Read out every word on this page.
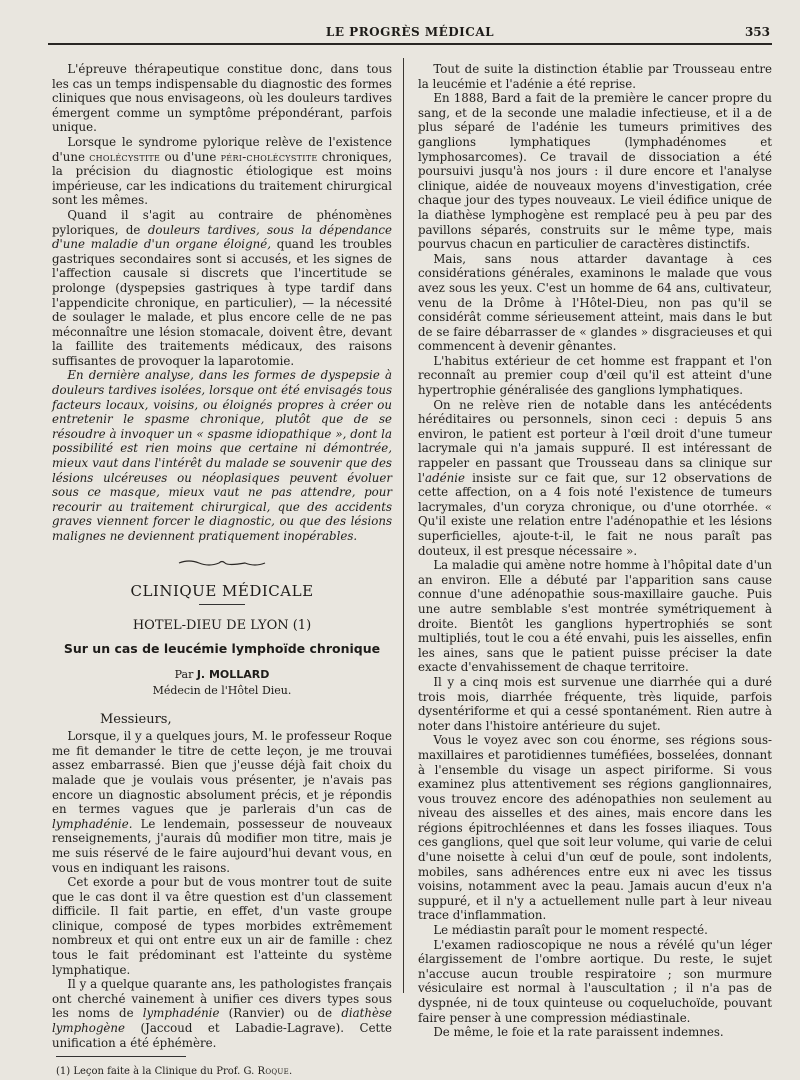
LE PROGRÈS MÉDICAL	353

L'épreuve thérapeutique constitue donc, dans tous les cas un temps indispensable du diagnostic des formes cliniques que nous envisageons, où les douleurs tardives émergent comme un symptôme prépondérant, parfois unique.

Lorsque le syndrome pylorique relève de l'existence d'une cholécystite ou d'une péri-cholécystite chroniques, la précision du diagnostic étiologique est moins impérieuse, car les indications du traitement chirurgical sont les mêmes.

Quand il s'agit au contraire de phénomènes pyloriques, de douleurs tardives, sous la dépendance d'une maladie d'un organe éloigné, quand les troubles gastriques secondaires sont si accusés, et les signes de l'affection causale si discrets que l'incertitude se prolonge (dyspepsies gastriques à type tardif dans l'appendicite chronique, en particulier), — la nécessité de soulager le malade, et plus encore celle de ne pas méconnaître une lésion stomacale, doivent être, devant la faillite des traitements médicaux, des raisons suffisantes de provoquer la laparotomie.

En dernière analyse, dans les formes de dyspepsie à douleurs tardives isolées, lorsque ont été envisagés tous facteurs locaux, voisins, ou éloignés propres à créer ou entretenir le spasme chronique, plutôt que de se résoudre à invoquer un « spasme idiopathique », dont la possibilité est rien moins que certaine ni démontrée, mieux vaut dans l'intérêt du malade se souvenir que des lésions ulcéreuses ou néoplasiques peuvent évoluer sous ce masque, mieux vaut ne pas attendre, pour recourir au traitement chirurgical, que des accidents graves viennent forcer le diagnostic, ou que des lésions malignes ne deviennent pratiquement inopérables.

CLINIQUE MÉDICALE
HOTEL-DIEU DE LYON (1)
Sur un cas de leucémie lymphoïde chronique
Par J. MOLLARD
Médecin de l'Hôtel Dieu.
Messieurs,

Lorsque, il y a quelques jours, M. le professeur Roque me fit demander le titre de cette leçon, je me trouvai assez embarrassé. Bien que j'eusse déjà fait choix du malade que je voulais vous présenter, je n'avais pas encore un diagnostic absolument précis, et je répondis en termes vagues que je parlerais d'un cas de lymphadénie. Le lendemain, possesseur de nouveaux renseignements, j'aurais dû modifier mon titre, mais je me suis réservé de le faire aujourd'hui devant vous, en vous en indiquant les raisons.

Cet exorde a pour but de vous montrer tout de suite que le cas dont il va être question est d'un classement difficile. Il fait partie, en effet, d'un vaste groupe clinique, composé de types morbides extrêmement nombreux et qui ont entre eux un air de famille : chez tous le fait prédominant est l'atteinte du système lymphatique.

Il y a quelque quarante ans, les pathologistes français ont cherché vainement à unifier ces divers types sous les noms de lymphadénie (Ranvier) ou de diathèse lymphogène (Jaccoud et Labadie-Lagrave). Cette unification a été éphémère.

(1) Leçon faite à la Clinique du Prof. G. Roque.

Tout de suite la distinction établie par Trousseau entre la leucémie et l'adénie a été reprise.

En 1888, Bard a fait de la première le cancer propre du sang, et de la seconde une maladie infectieuse, et il a de plus séparé de l'adénie les tumeurs primitives des ganglions lymphatiques (lymphadénomes et lymphosarcomes). Ce travail de dissociation a été poursuivi jusqu'à nos jours : il dure encore et l'analyse clinique, aidée de nouveaux moyens d'investigation, crée chaque jour des types nouveaux. Le vieil édifice unique de la diathèse lymphogène est remplacé peu à peu par des pavillons séparés, construits sur le même type, mais pourvus chacun en particulier de caractères distinctifs.

Mais, sans nous attarder davantage à ces considérations générales, examinons le malade que vous avez sous les yeux. C'est un homme de 64 ans, cultivateur, venu de la Drôme à l'Hôtel-Dieu, non pas qu'il se considérât comme sérieusement atteint, mais dans le but de se faire débarrasser de « glandes » disgracieuses et qui commencent à devenir gênantes.

L'habitus extérieur de cet homme est frappant et l'on reconnaît au premier coup d'œil qu'il est atteint d'une hypertrophie généralisée des ganglions lymphatiques.

On ne relève rien de notable dans les antécédents héréditaires ou personnels, sinon ceci : depuis 5 ans environ, le patient est porteur à l'œil droit d'une tumeur lacrymale qui n'a jamais suppuré. Il est intéressant de rappeler en passant que Trousseau dans sa clinique sur l'adénie insiste sur ce fait que, sur 12 observations de cette affection, on a 4 fois noté l'existence de tumeurs lacrymales, d'un coryza chronique, ou d'une otorrhée. « Qu'il existe une relation entre l'adénopathie et les lésions superficielles, ajoute-t-il, le fait ne nous paraît pas douteux, il est presque nécessaire ».

La maladie qui amène notre homme à l'hôpital date d'un an environ. Elle a débuté par l'apparition sans cause connue d'une adénopathie sous-maxillaire gauche. Puis une autre semblable s'est montrée symétriquement à droite. Bientôt les ganglions hypertrophiés se sont multipliés, tout le cou a été envahi, puis les aisselles, enfin les aines, sans que le patient puisse préciser la date exacte d'envahissement de chaque territoire.

Il y a cinq mois est survenue une diarrhée qui a duré trois mois, diarrhée fréquente, très liquide, parfois dysentériforme et qui a cessé spontanément. Rien autre à noter dans l'histoire antérieure du sujet.

Vous le voyez avec son cou énorme, ses régions sous-maxillaires et parotidiennes tuméfiées, bosselées, donnant à l'ensemble du visage un aspect piriforme. Si vous examinez plus attentivement ses régions ganglionnaires, vous trouvez encore des adénopathies non seulement au niveau des aisselles et des aines, mais encore dans les régions épitrochléennes et dans les fosses iliaques. Tous ces ganglions, quel que soit leur volume, qui varie de celui d'une noisette à celui d'un œuf de poule, sont indolents, mobiles, sans adhérences entre eux ni avec les tissus voisins, notamment avec la peau. Jamais aucun d'eux n'a suppuré, et il n'y a actuellement nulle part à leur niveau trace d'inflammation.

Le médiastin paraît pour le moment respecté.

L'examen radioscopique ne nous a révélé qu'un léger élargissement de l'ombre aortique. Du reste, le sujet n'accuse aucun trouble respiratoire ; son murmure vésiculaire est normal à l'auscultation ; il n'a pas de dyspnée, ni de toux quinteuse ou coqueluchoïde, pouvant faire penser à une compression médiastinale.

De même, le foie et la rate paraissent indemnes.
